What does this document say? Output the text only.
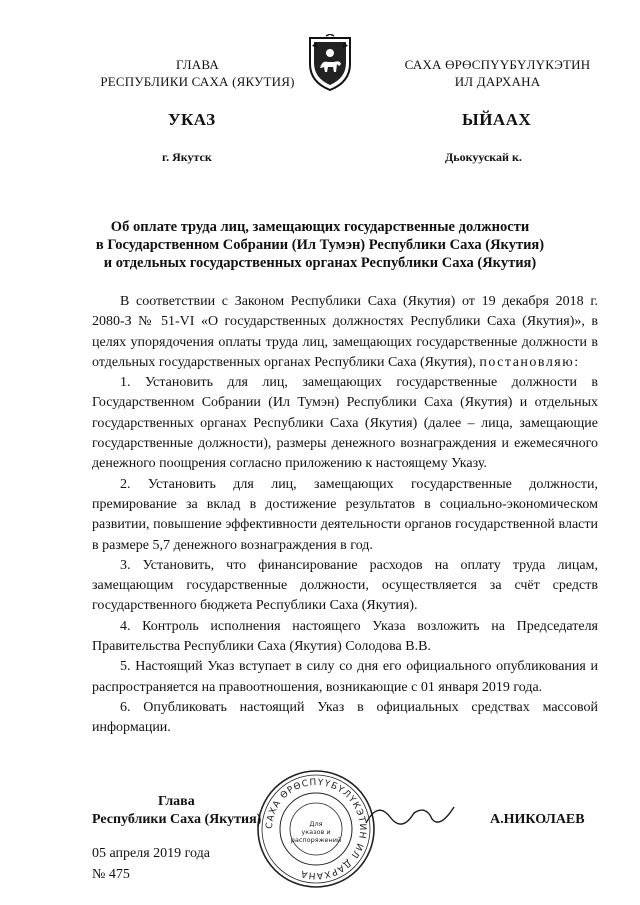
ГЛАВА
РЕСПУБЛИКИ САХА (ЯКУТИЯ)
САХА ӨРӨСПҮҮБҮЛҮКЭТИН
ИЛ ДАРХАНА
УКАЗ	ЫЙААХ
г. Якутск	Дьокуускай к.
Об оплате труда лиц, замещающих государственные должности
в Государственном Собрании (Ил Тумэн) Республики Саха (Якутия)
и отдельных государственных органах Республики Саха (Якутия)

В соответствии с Законом Республики Саха (Якутия) от 19 декабря 2018 г. 2080-З № 51-VI «О государственных должностях Республики Саха (Якутия)», в целях упорядочения оплаты труда лиц, замещающих государственные должности в отдельных государственных органах Республики Саха (Якутия), постановляю:

1. Установить для лиц, замещающих государственные должности в Государственном Собрании (Ил Тумэн) Республики Саха (Якутия) и отдельных государственных органах Республики Саха (Якутия) (далее – лица, замещающие государственные должности), размеры денежного вознаграждения и ежемесячного денежного поощрения согласно приложению к настоящему Указу.

2. Установить для лиц, замещающих государственные должности, премирование за вклад в достижение результатов в социально-экономическом развитии, повышение эффективности деятельности органов государственной власти в размере 5,7 денежного вознаграждения в год.

3. Установить, что финансирование расходов на оплату труда лицам, замещающим государственные должности, осуществляется за счёт средств государственного бюджета Республики Саха (Якутия).

4. Контроль исполнения настоящего Указа возложить на Председателя Правительства Республики Саха (Якутия) Солодова В.В.

5. Настоящий Указ вступает в силу со дня его официального опубликования и распространяется на правоотношения, возникающие с 01 января 2019 года.

6. Опубликовать настоящий Указ в официальных средствах массовой информации.

САХА ӨРӨСПҮҮБҮЛҮКЭТИН ИЛ ДАРХАНА
Для
указов и
распоряжений
Глава
Республики Саха (Якутия)	А.НИКОЛАЕВ
05 апреля 2019 года
№ 475
